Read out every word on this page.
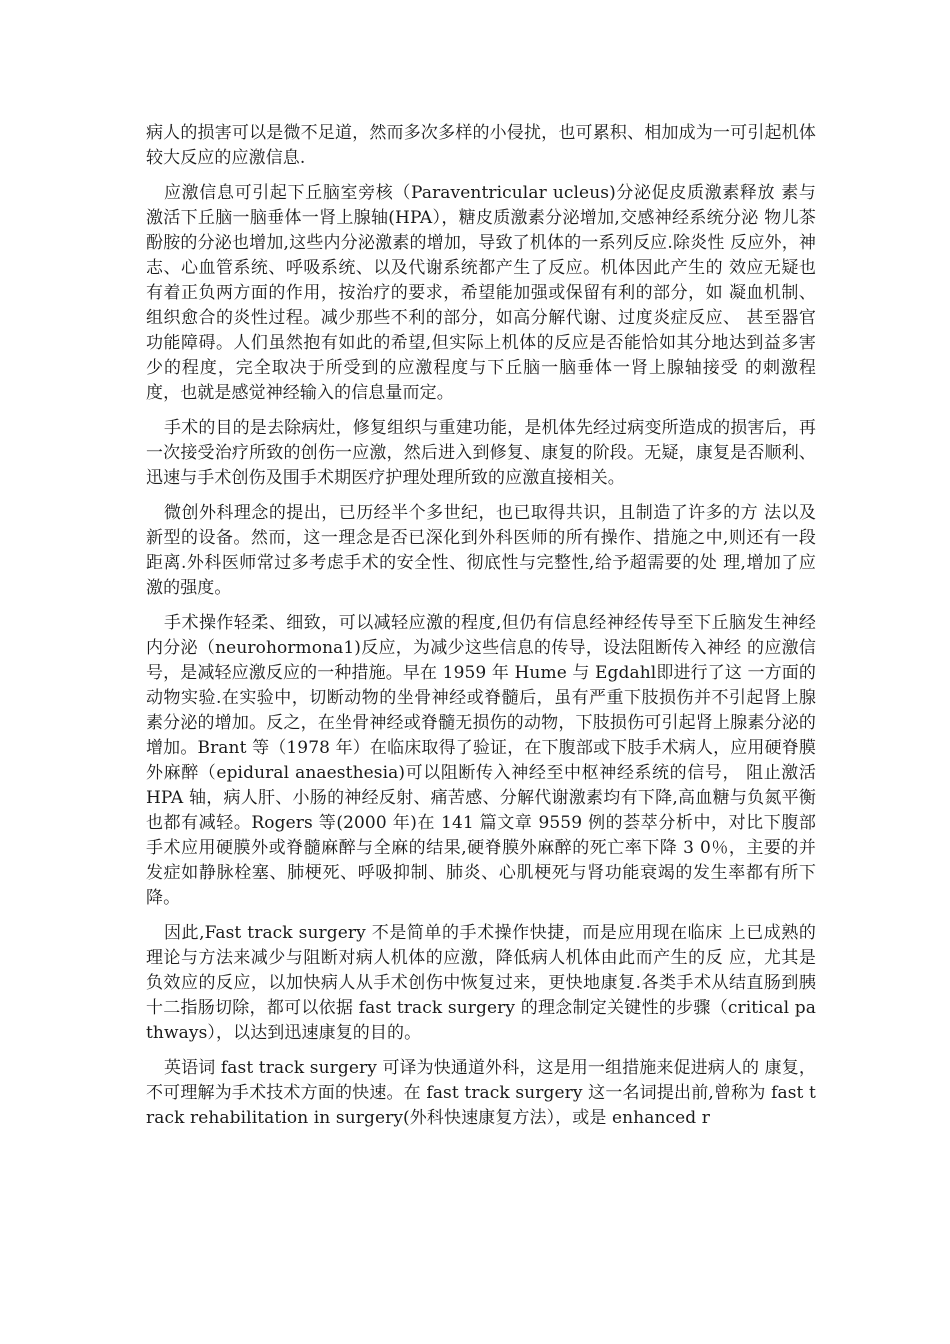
病人的损害可以是微不足道，然而多次多样的小侵扰，也可累积、相加成为一可引起机体较大反应的应激信息.

应激信息可引起下丘脑室旁核（Paraventricular ucleus)分泌促皮质激素释放 素与激活下丘脑一脑垂体一肾上腺轴(HPA），糖皮质激素分泌增加,交感神经系统分泌 物儿茶酚胺的分泌也增加,这些内分泌激素的增加，导致了机体的一系列反应.除炎性 反应外，神志、心血管系统、呼吸系统、以及代谢系统都产生了反应。机体因此产生的 效应无疑也有着正负两方面的作用，按治疗的要求，希望能加强或保留有利的部分，如 凝血机制、组织愈合的炎性过程。减少那些不利的部分，如高分解代谢、过度炎症反应、 甚至器官功能障碍。人们虽然抱有如此的希望,但实际上机体的反应是否能恰如其分地达到益多害少的程度，完全取决于所受到的应激程度与下丘脑一脑垂体一肾上腺轴接受 的刺激程度，也就是感觉神经输入的信息量而定。

手术的目的是去除病灶，修复组织与重建功能，是机体先经过病变所造成的损害后，再一次接受治疗所致的创伤一应激，然后进入到修复、康复的阶段。无疑，康复是否顺利、迅速与手术创伤及围手术期医疗护理处理所致的应激直接相关。

微创外科理念的提出，已历经半个多世纪，也已取得共识，且制造了许多的方 法以及新型的设备。然而，这一理念是否已深化到外科医师的所有操作、措施之中,则还有一段距离.外科医师常过多考虑手术的安全性、彻底性与完整性,给予超需要的处 理,增加了应激的强度。

手术操作轻柔、细致，可以减轻应激的程度,但仍有信息经神经传导至下丘脑发生神经内分泌（neurohormona1)反应，为减少这些信息的传导，设法阻断传入神经 的应激信号，是减轻应激反应的一种措施。早在 1959 年 Hume 与 Egdahl即进行了这 一方面的动物实验.在实验中，切断动物的坐骨神经或脊髓后，虽有严重下肢损伤并不引起肾上腺素分泌的增加。反之，在坐骨神经或脊髓无损伤的动物，下肢损伤可引起肾上腺素分泌的增加。Brant 等（1978 年）在临床取得了验证，在下腹部或下肢手术病人，应用硬脊膜外麻醉（epidural anaesthesia)可以阻断传入神经至中枢神经系统的信号， 阻止激活 HPA 轴，病人肝、小肠的神经反射、痛苦感、分解代谢激素均有下降,高血糖与负氮平衡也都有减轻。Rogers 等(2000 年)在 141 篇文章 9559 例的荟萃分析中，对比下腹部手术应用硬膜外或脊髓麻醉与全麻的结果,硬脊膜外麻醉的死亡率下降 3 0％，主要的并发症如静脉栓塞、肺梗死、呼吸抑制、肺炎、心肌梗死与肾功能衰竭的发生率都有所下降。

因此,Fast track surgery 不是简单的手术操作快捷，而是应用现在临床 上已成熟的理论与方法来减少与阻断对病人机体的应激，降低病人机体由此而产生的反 应，尤其是负效应的反应，以加快病人从手术创伤中恢复过来，更快地康复.各类手术从结直肠到胰十二指肠切除，都可以依据 fast track surgery 的理念制定关键性的步骤（critical pathways），以达到迅速康复的目的。

英语词 fast track surgery 可译为快通道外科，这是用一组措施来促进病人的 康复，不可理解为手术技术方面的快速。在 fast track surgery 这一名词提出前,曾称为 fast track rehabilitation in surgery(外科快速康复方法），或是 enhanced r
